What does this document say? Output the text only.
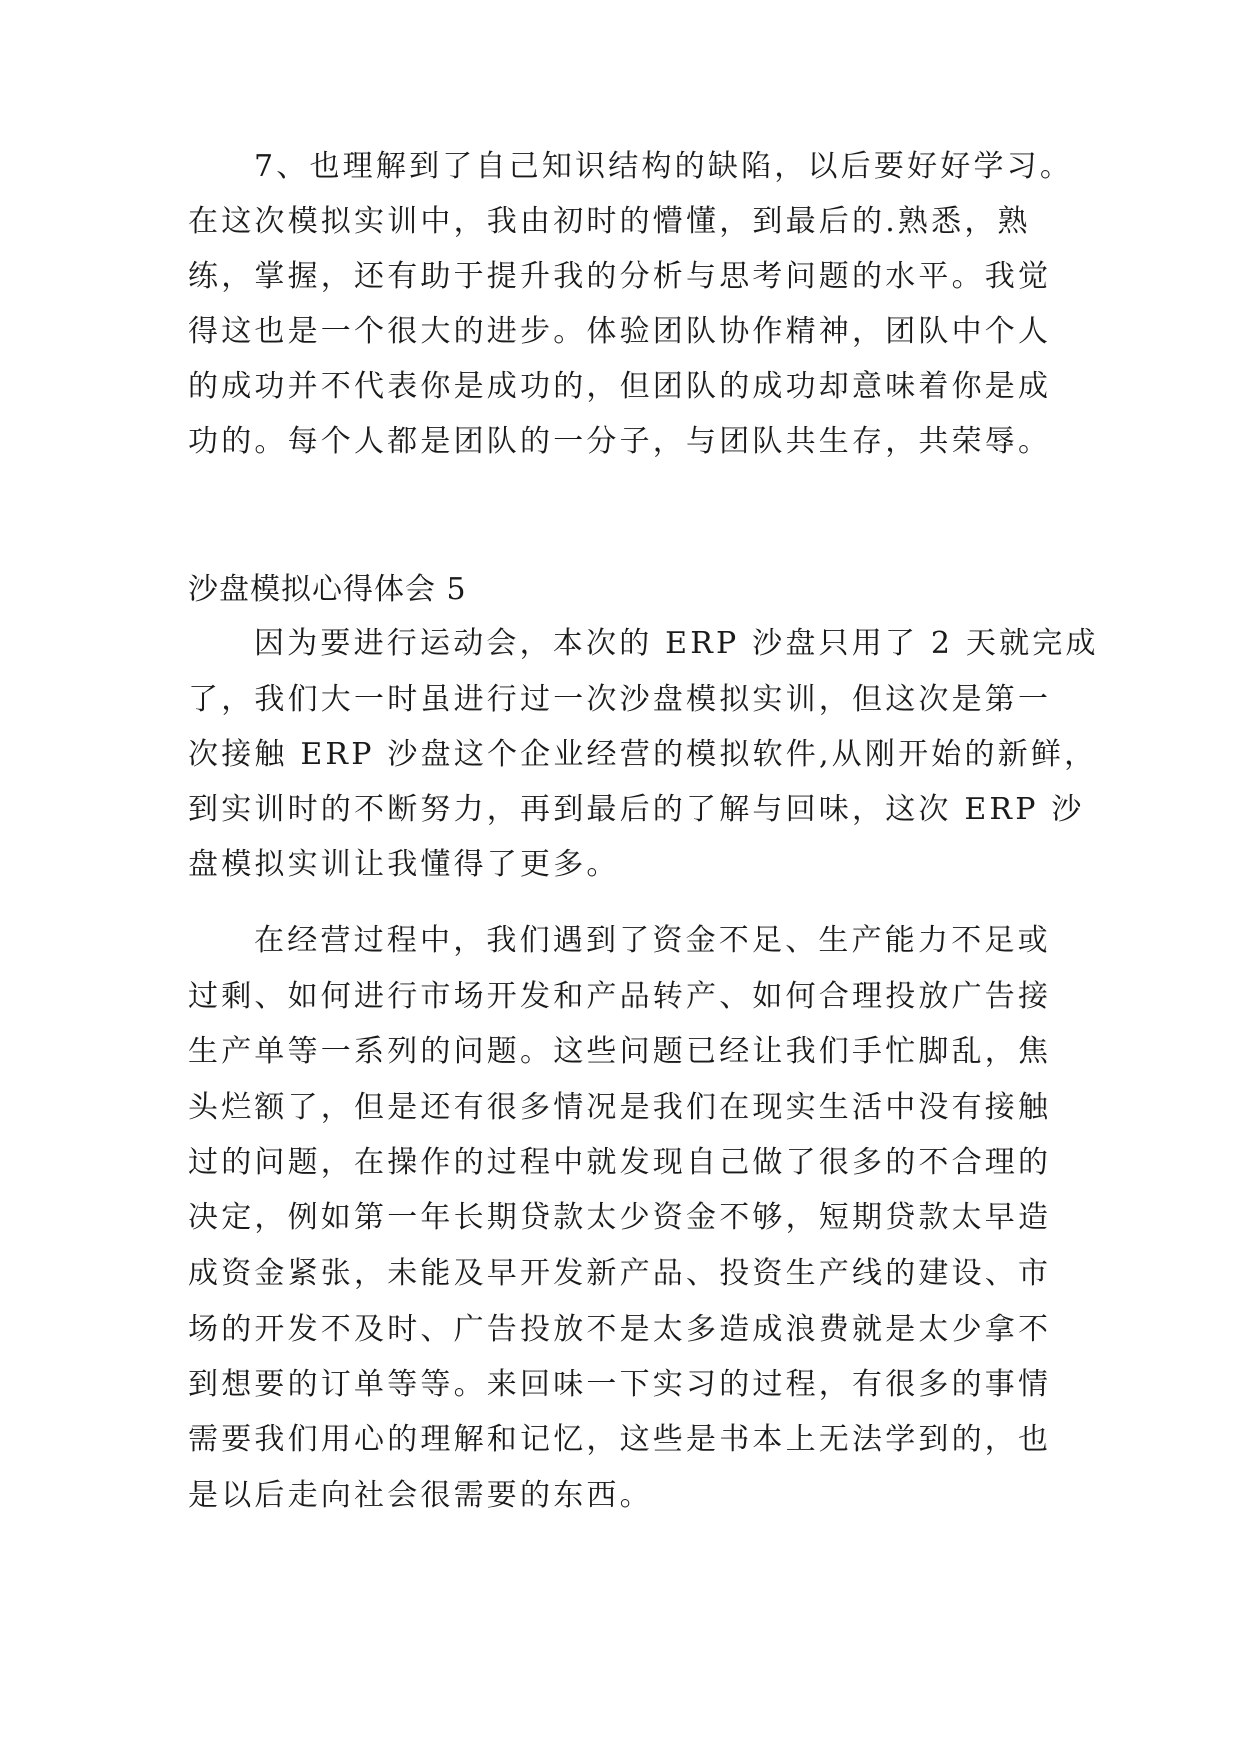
7、也理解到了自己知识结构的缺陷，以后要好好学习。
在这次模拟实训中，我由初时的懵懂，到最后的.熟悉，熟
练，掌握，还有助于提升我的分析与思考问题的水平。我觉
得这也是一个很大的进步。体验团队协作精神，团队中个人
的成功并不代表你是成功的，但团队的成功却意味着你是成
功的。每个人都是团队的一分子，与团队共生存，共荣辱。
沙盘模拟心得体会 5
因为要进行运动会，本次的 ERP 沙盘只用了 2 天就完成
了，我们大一时虽进行过一次沙盘模拟实训，但这次是第一
次接触 ERP 沙盘这个企业经营的模拟软件,从刚开始的新鲜，
到实训时的不断努力，再到最后的了解与回味，这次 ERP 沙
盘模拟实训让我懂得了更多。
在经营过程中，我们遇到了资金不足、生产能力不足或
过剩、如何进行市场开发和产品转产、如何合理投放广告接
生产单等一系列的问题。这些问题已经让我们手忙脚乱，焦
头烂额了，但是还有很多情况是我们在现实生活中没有接触
过的问题，在操作的过程中就发现自己做了很多的不合理的
决定，例如第一年长期贷款太少资金不够，短期贷款太早造
成资金紧张，未能及早开发新产品、投资生产线的建设、市
场的开发不及时、广告投放不是太多造成浪费就是太少拿不
到想要的订单等等。来回味一下实习的过程，有很多的事情
需要我们用心的理解和记忆，这些是书本上无法学到的，也
是以后走向社会很需要的东西。
